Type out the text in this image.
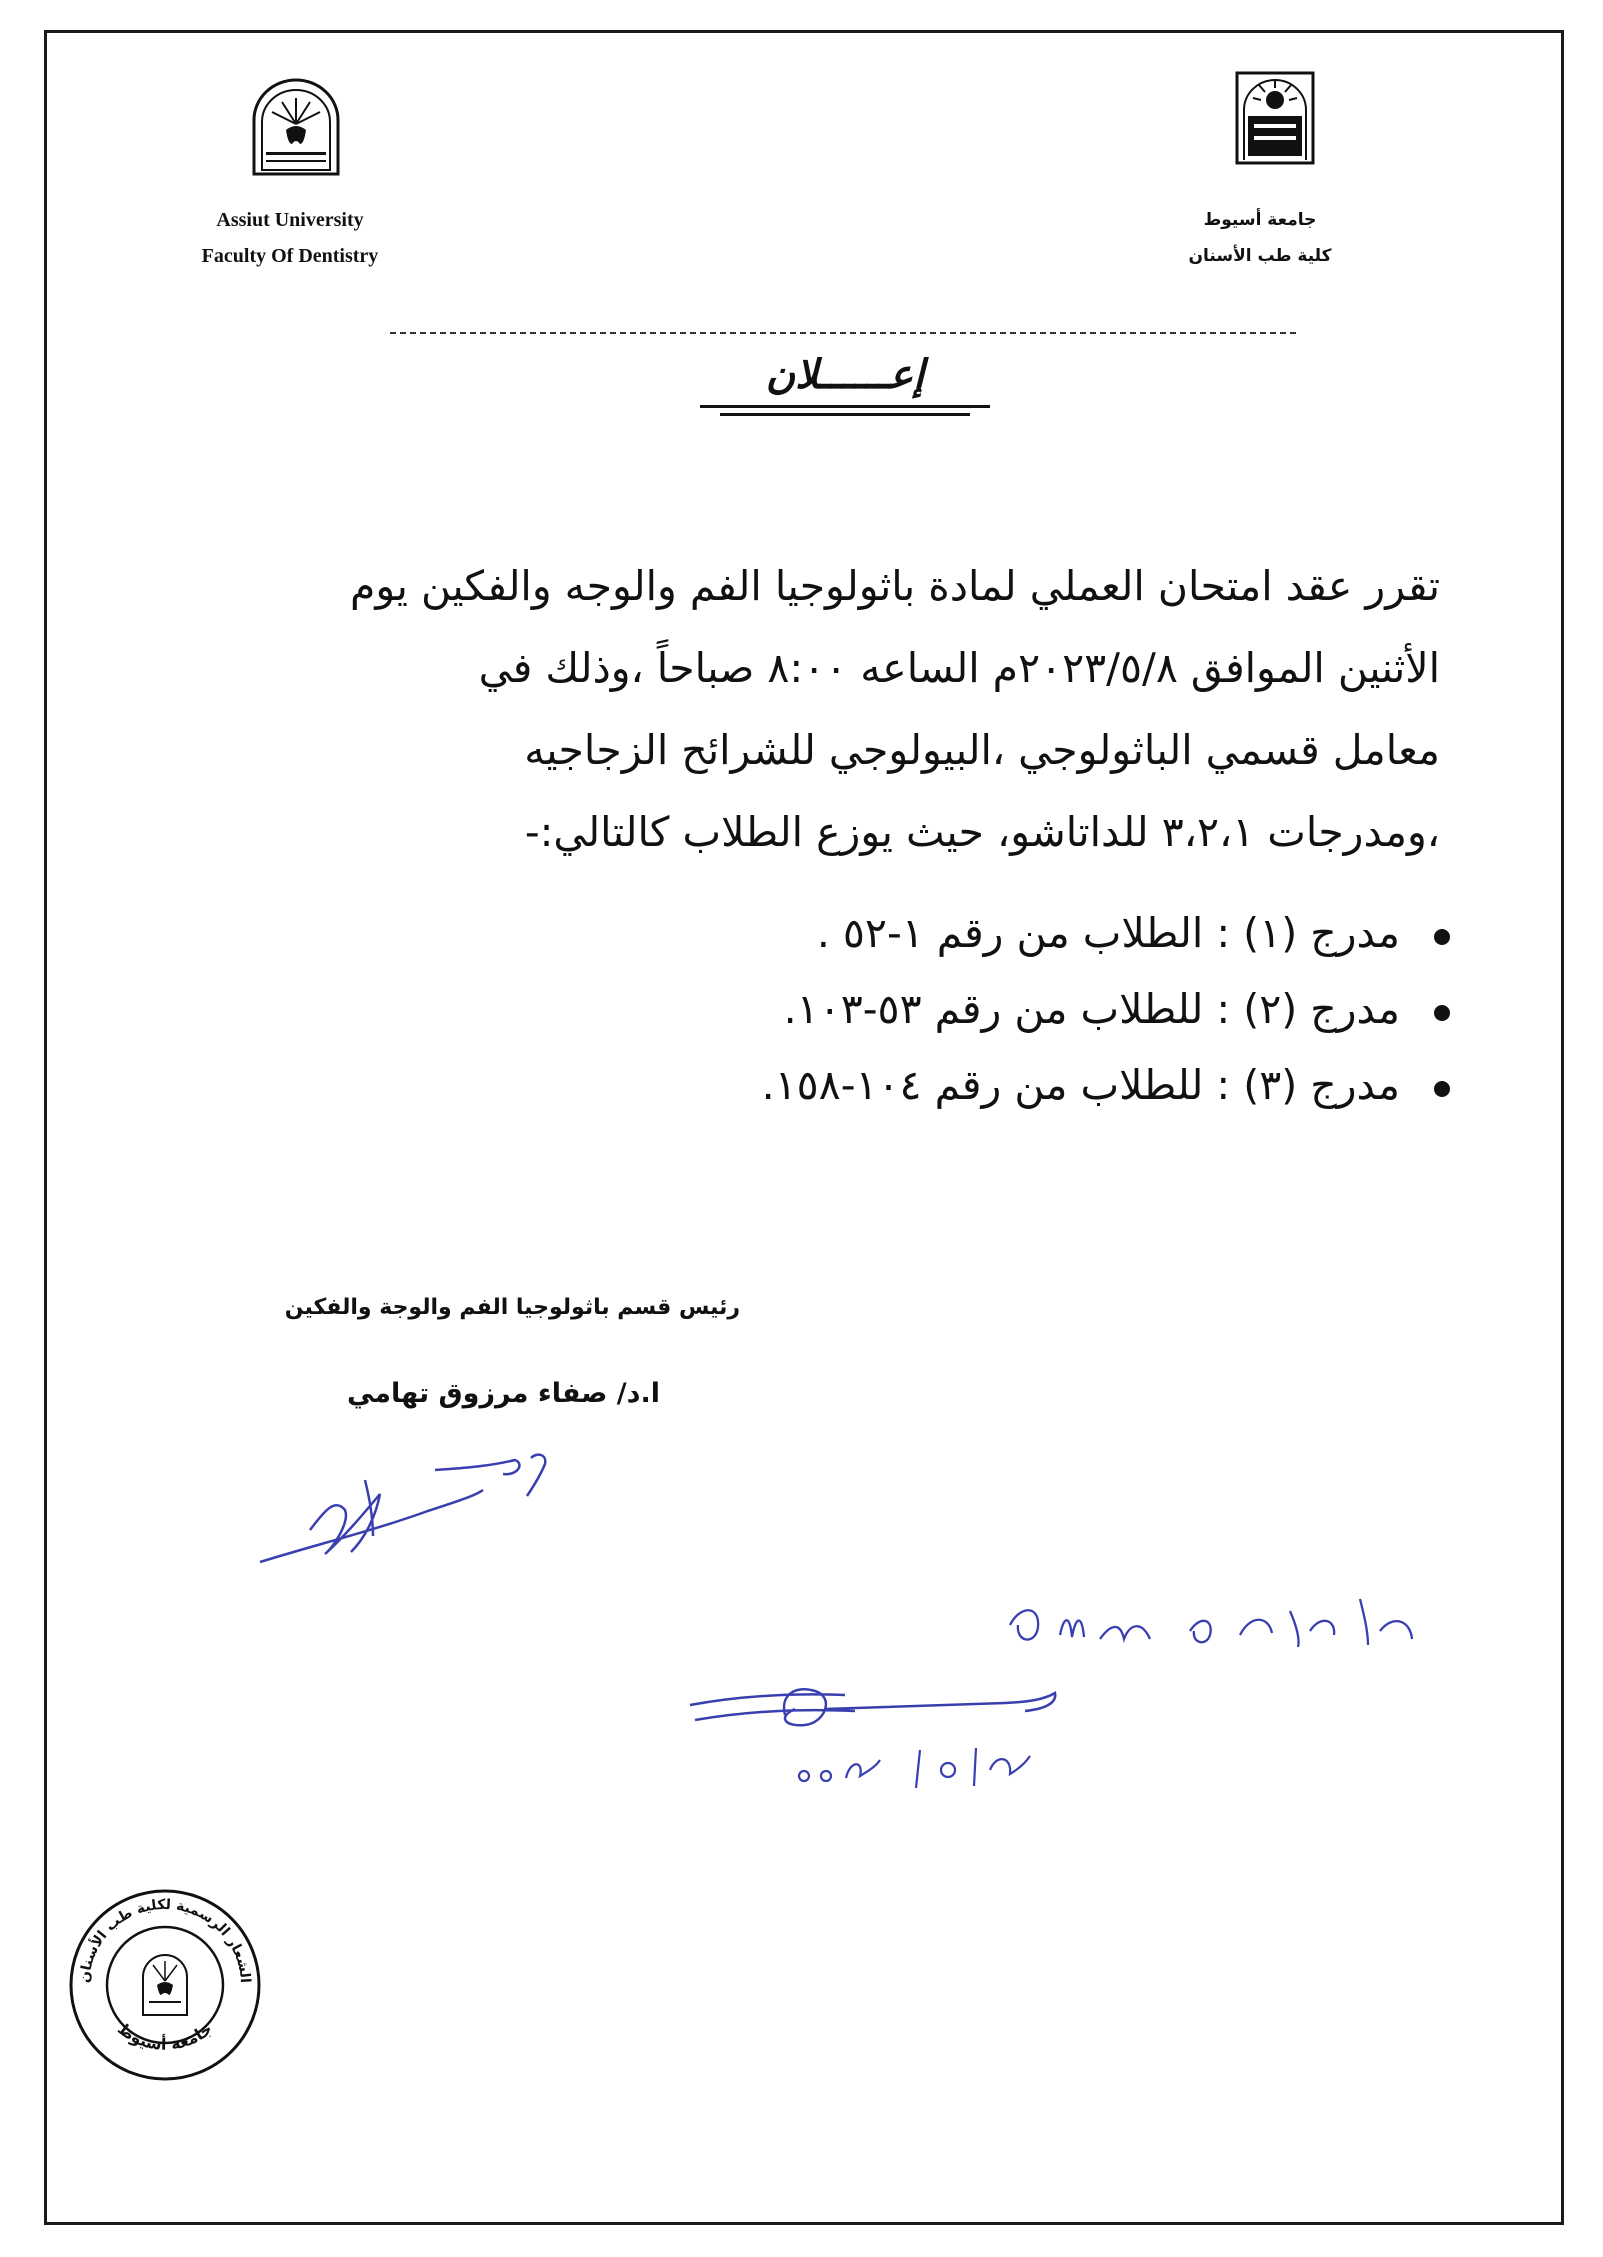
Assiut University
Faculty Of Dentistry
جامعة أسيوط
كلية طب الأسنان
إعــــــلان

تقرر عقد امتحان العملي لمادة باثولوجيا الفم والوجه والفكين يوم

الأثنين الموافق ٢٠٢٣/٥/٨م الساعه ٨:٠٠ صباحاً ،وذلك في

معامل قسمي الباثولوجي ،البيولوجي للشرائح الزجاجيه

،ومدرجات ٣،٢،١ للداتاشو، حيث يوزع الطلاب كالتالي:-

مدرج (١) : الطلاب من رقم ١-٥٢ .
مدرج (٢) : للطلاب من رقم ٥٣-١٠٣.
مدرج (٣) : للطلاب من رقم ١٠٤-١٥٨.
رئيس قسم باثولوجيا الفم والوجة والفكين
ا.د/ صفاء مرزوق تهامي
الشعار الرسمية لكلية طب الأسنان
جامعة أسيوط
